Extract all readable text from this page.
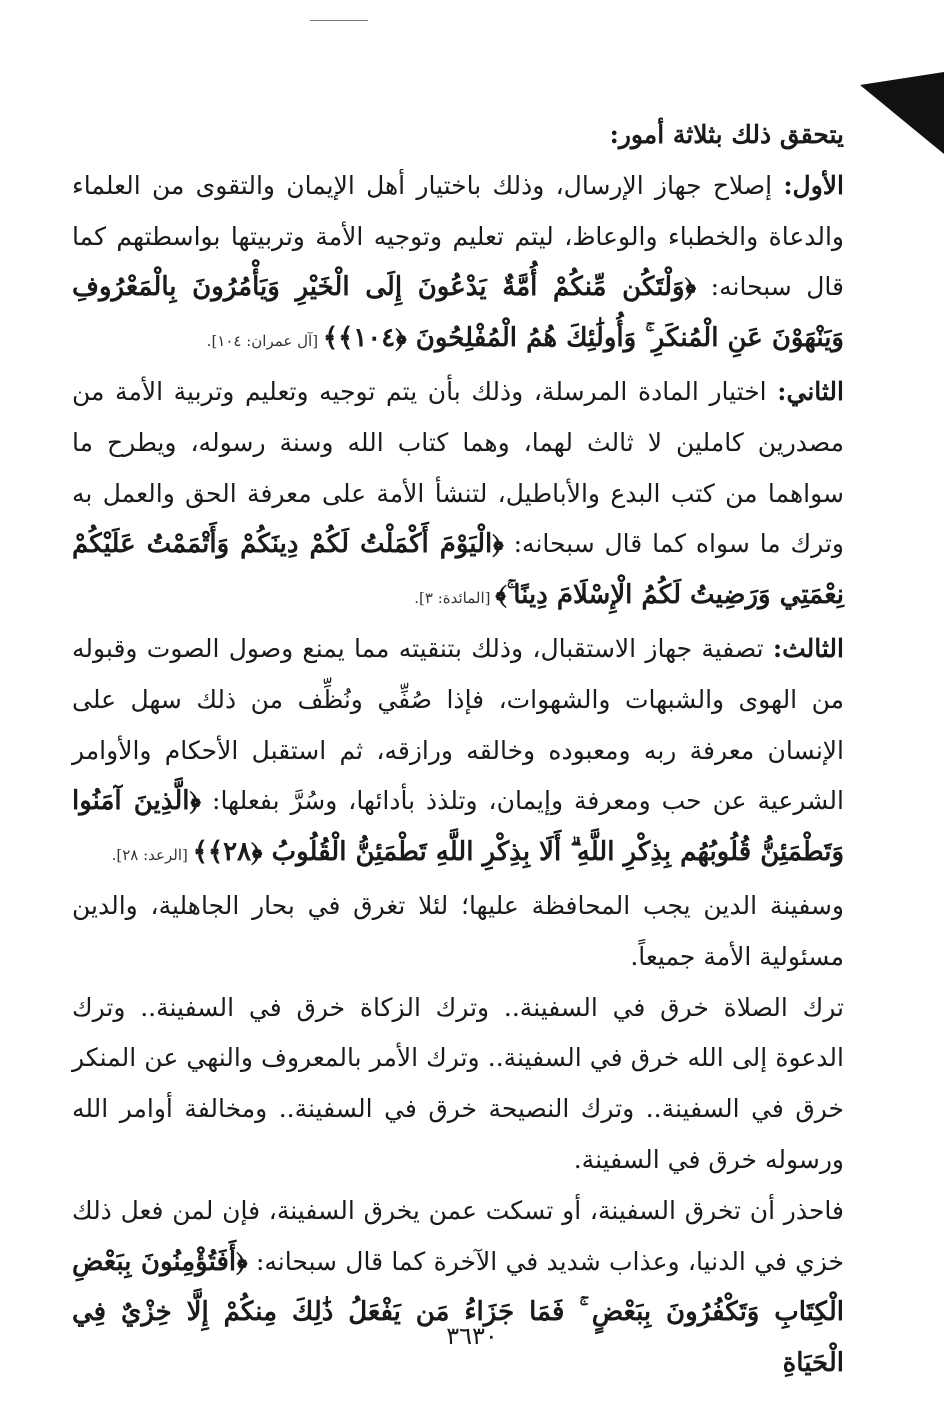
يتحقق ذلك بثلاثة أمور:

الأول: إصلاح جهاز الإرسال، وذلك باختيار أهل الإيمان والتقوى من العلماء والدعاة والخطباء والوعاظ، ليتم تعليم وتوجيه الأمة وتربيتها بواسطتهم كما قال سبحانه: ﴿وَلْتَكُن مِّنكُمْ أُمَّةٌ يَدْعُونَ إِلَى الْخَيْرِ وَيَأْمُرُونَ بِالْمَعْرُوفِ وَيَنْهَوْنَ عَنِ الْمُنكَرِ ۚ وَأُولَٰئِكَ هُمُ الْمُفْلِحُونَ ﴿١٠٤﴾﴾ [آل عمران: ١٠٤].

الثاني: اختيار المادة المرسلة، وذلك بأن يتم توجيه وتعليم وتربية الأمة من مصدرين كاملين لا ثالث لهما، وهما كتاب الله وسنة رسوله، ويطرح ما سواهما من كتب البدع والأباطيل، لتنشأ الأمة على معرفة الحق والعمل به وترك ما سواه كما قال سبحانه: ﴿الْيَوْمَ أَكْمَلْتُ لَكُمْ دِينَكُمْ وَأَتْمَمْتُ عَلَيْكُمْ نِعْمَتِي وَرَضِيتُ لَكُمُ الْإِسْلَامَ دِينًا ۚ﴾ [المائدة: ٣].

الثالث: تصفية جهاز الاستقبال، وذلك بتنقيته مما يمنع وصول الصوت وقبوله من الهوى والشبهات والشهوات، فإذا صُفِّي ونُظِّف من ذلك سهل على الإنسان معرفة ربه ومعبوده وخالقه ورازقه، ثم استقبل الأحكام والأوامر الشرعية عن حب ومعرفة وإيمان، وتلذذ بأدائها، وسُرَّ بفعلها: ﴿الَّذِينَ آمَنُوا وَتَطْمَئِنُّ قُلُوبُهُم بِذِكْرِ اللَّهِ ۗ أَلَا بِذِكْرِ اللَّهِ تَطْمَئِنُّ الْقُلُوبُ ﴿٢٨﴾﴾ [الرعد: ٢٨].

وسفينة الدين يجب المحافظة عليها؛ لئلا تغرق في بحار الجاهلية، والدين مسئولية الأمة جميعاً.

ترك الصلاة خرق في السفينة.. وترك الزكاة خرق في السفينة.. وترك الدعوة إلى الله خرق في السفينة.. وترك الأمر بالمعروف والنهي عن المنكر خرق في السفينة.. وترك النصيحة خرق في السفينة.. ومخالفة أوامر الله ورسوله خرق في السفينة.

فاحذر أن تخرق السفينة، أو تسكت عمن يخرق السفينة، فإن لمن فعل ذلك خزي في الدنيا، وعذاب شديد في الآخرة كما قال سبحانه: ﴿أَفَتُؤْمِنُونَ بِبَعْضِ الْكِتَابِ وَتَكْفُرُونَ بِبَعْضٍ ۚ فَمَا جَزَاءُ مَن يَفْعَلُ ذَٰلِكَ مِنكُمْ إِلَّا خِزْيٌ فِي الْحَيَاةِ

٣٦٣٠
